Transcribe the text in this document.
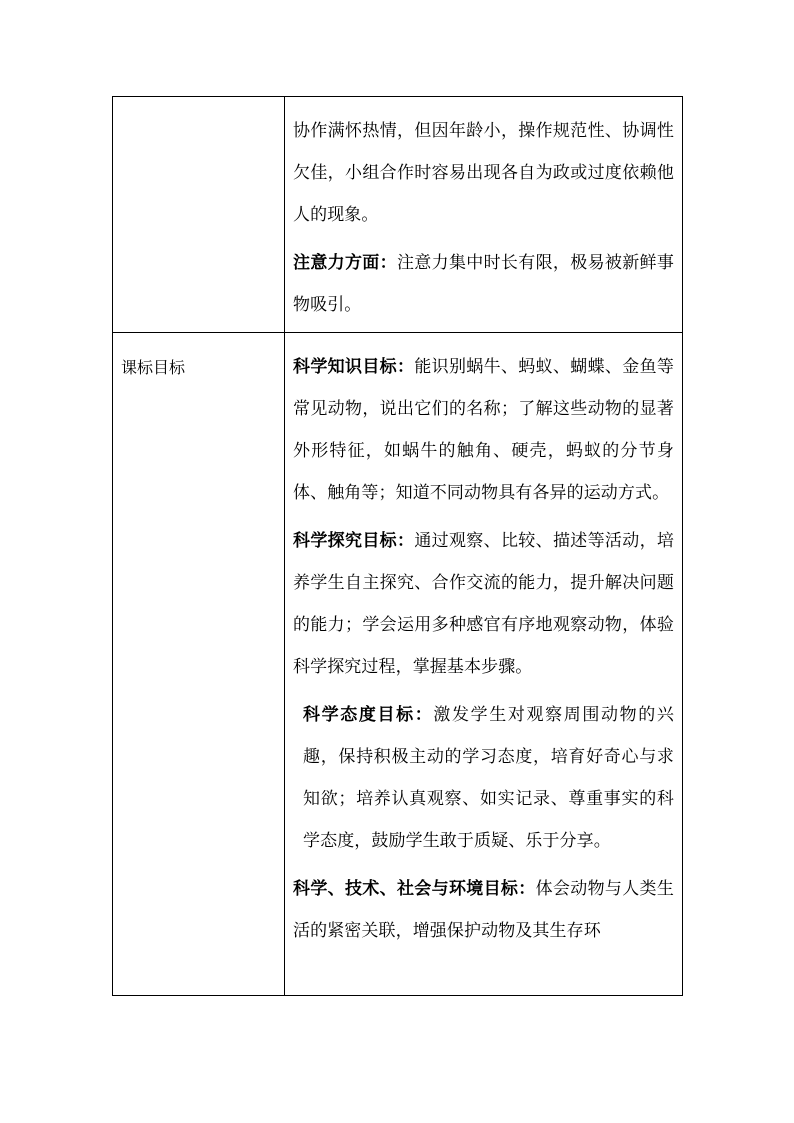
	协作满怀热情，但因年龄小，操作规范性、协调性欠佳，小组合作时容易出现各自为政或过度依赖他人的现象。

注意力方面：注意力集中时长有限，极易被新鲜事物吸引。

课标目标	科学知识目标：能识别蜗牛、蚂蚁、蝴蝶、金鱼等常见动物，说出它们的名称；了解这些动物的显著外形特征，如蜗牛的触角、硬壳，蚂蚁的分节身体、触角等；知道不同动物具有各异的运动方式。

科学探究目标：通过观察、比较、描述等活动，培养学生自主探究、合作交流的能力，提升解决问题的能力；学会运用多种感官有序地观察动物，体验科学探究过程，掌握基本步骤。

科学态度目标：激发学生对观察周围动物的兴趣，保持积极主动的学习态度，培育好奇心与求知欲；培养认真观察、如实记录、尊重事实的科学态度，鼓励学生敢于质疑、乐于分享。

科学、技术、社会与环境目标：体会动物与人类生活的紧密关联，增强保护动物及其生存环
